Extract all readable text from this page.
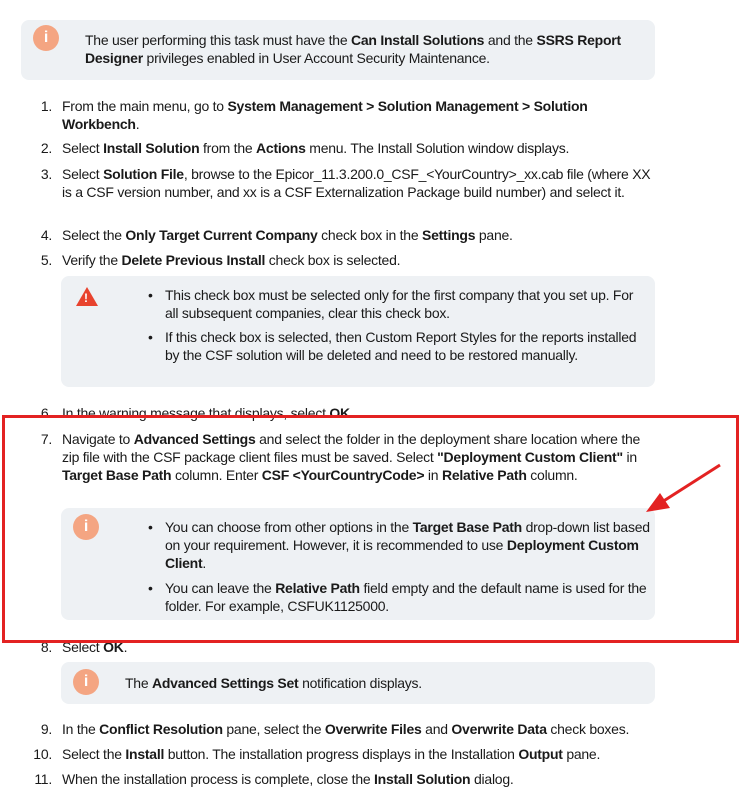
i	The user performing this task must have the Can Install Solutions and the SSRS Report Designer privileges enabled in User Account Security Maintenance.
!	• This check box must be selected only for the first company that you set up. For all subsequent companies, clear this check box.
• If this check box is selected, then Custom Report Styles for the reports installed by the CSF solution will be deleted and need to be restored manually.
i	• You can choose from other options in the Target Base Path drop-down list based on your requirement. However, it is recommended to use Deployment Custom Client.
• You can leave the Relative Path field empty and the default name is used for the folder. For example, CSFUK1125000.
i	The Advanced Settings Set notification displays.
1. From the main menu, go to System Management > Solution Management > Solution Workbench.
2. Select Install Solution from the Actions menu. The Install Solution window displays.
3. Select Solution File, browse to the Epicor_11.3.200.0_CSF_<YourCountry>_xx.cab file (where XX is a CSF version number, and xx is a CSF Externalization Package build number) and select it.
4. Select the Only Target Current Company check box in the Settings pane.
5. Verify the Delete Previous Install check box is selected.
6. In the warning message that displays, select OK.
7. Navigate to Advanced Settings and select the folder in the deployment share location where the zip file with the CSF package client files must be saved. Select "Deployment Custom Client" in Target Base Path column. Enter CSF <YourCountryCode> in Relative Path column.
8. Select OK.
9. In the Conflict Resolution pane, select the Overwrite Files and Overwrite Data check boxes.
10. Select the Install button. The installation progress displays in the Installation Output pane.
11. When the installation process is complete, close the Install Solution dialog.
